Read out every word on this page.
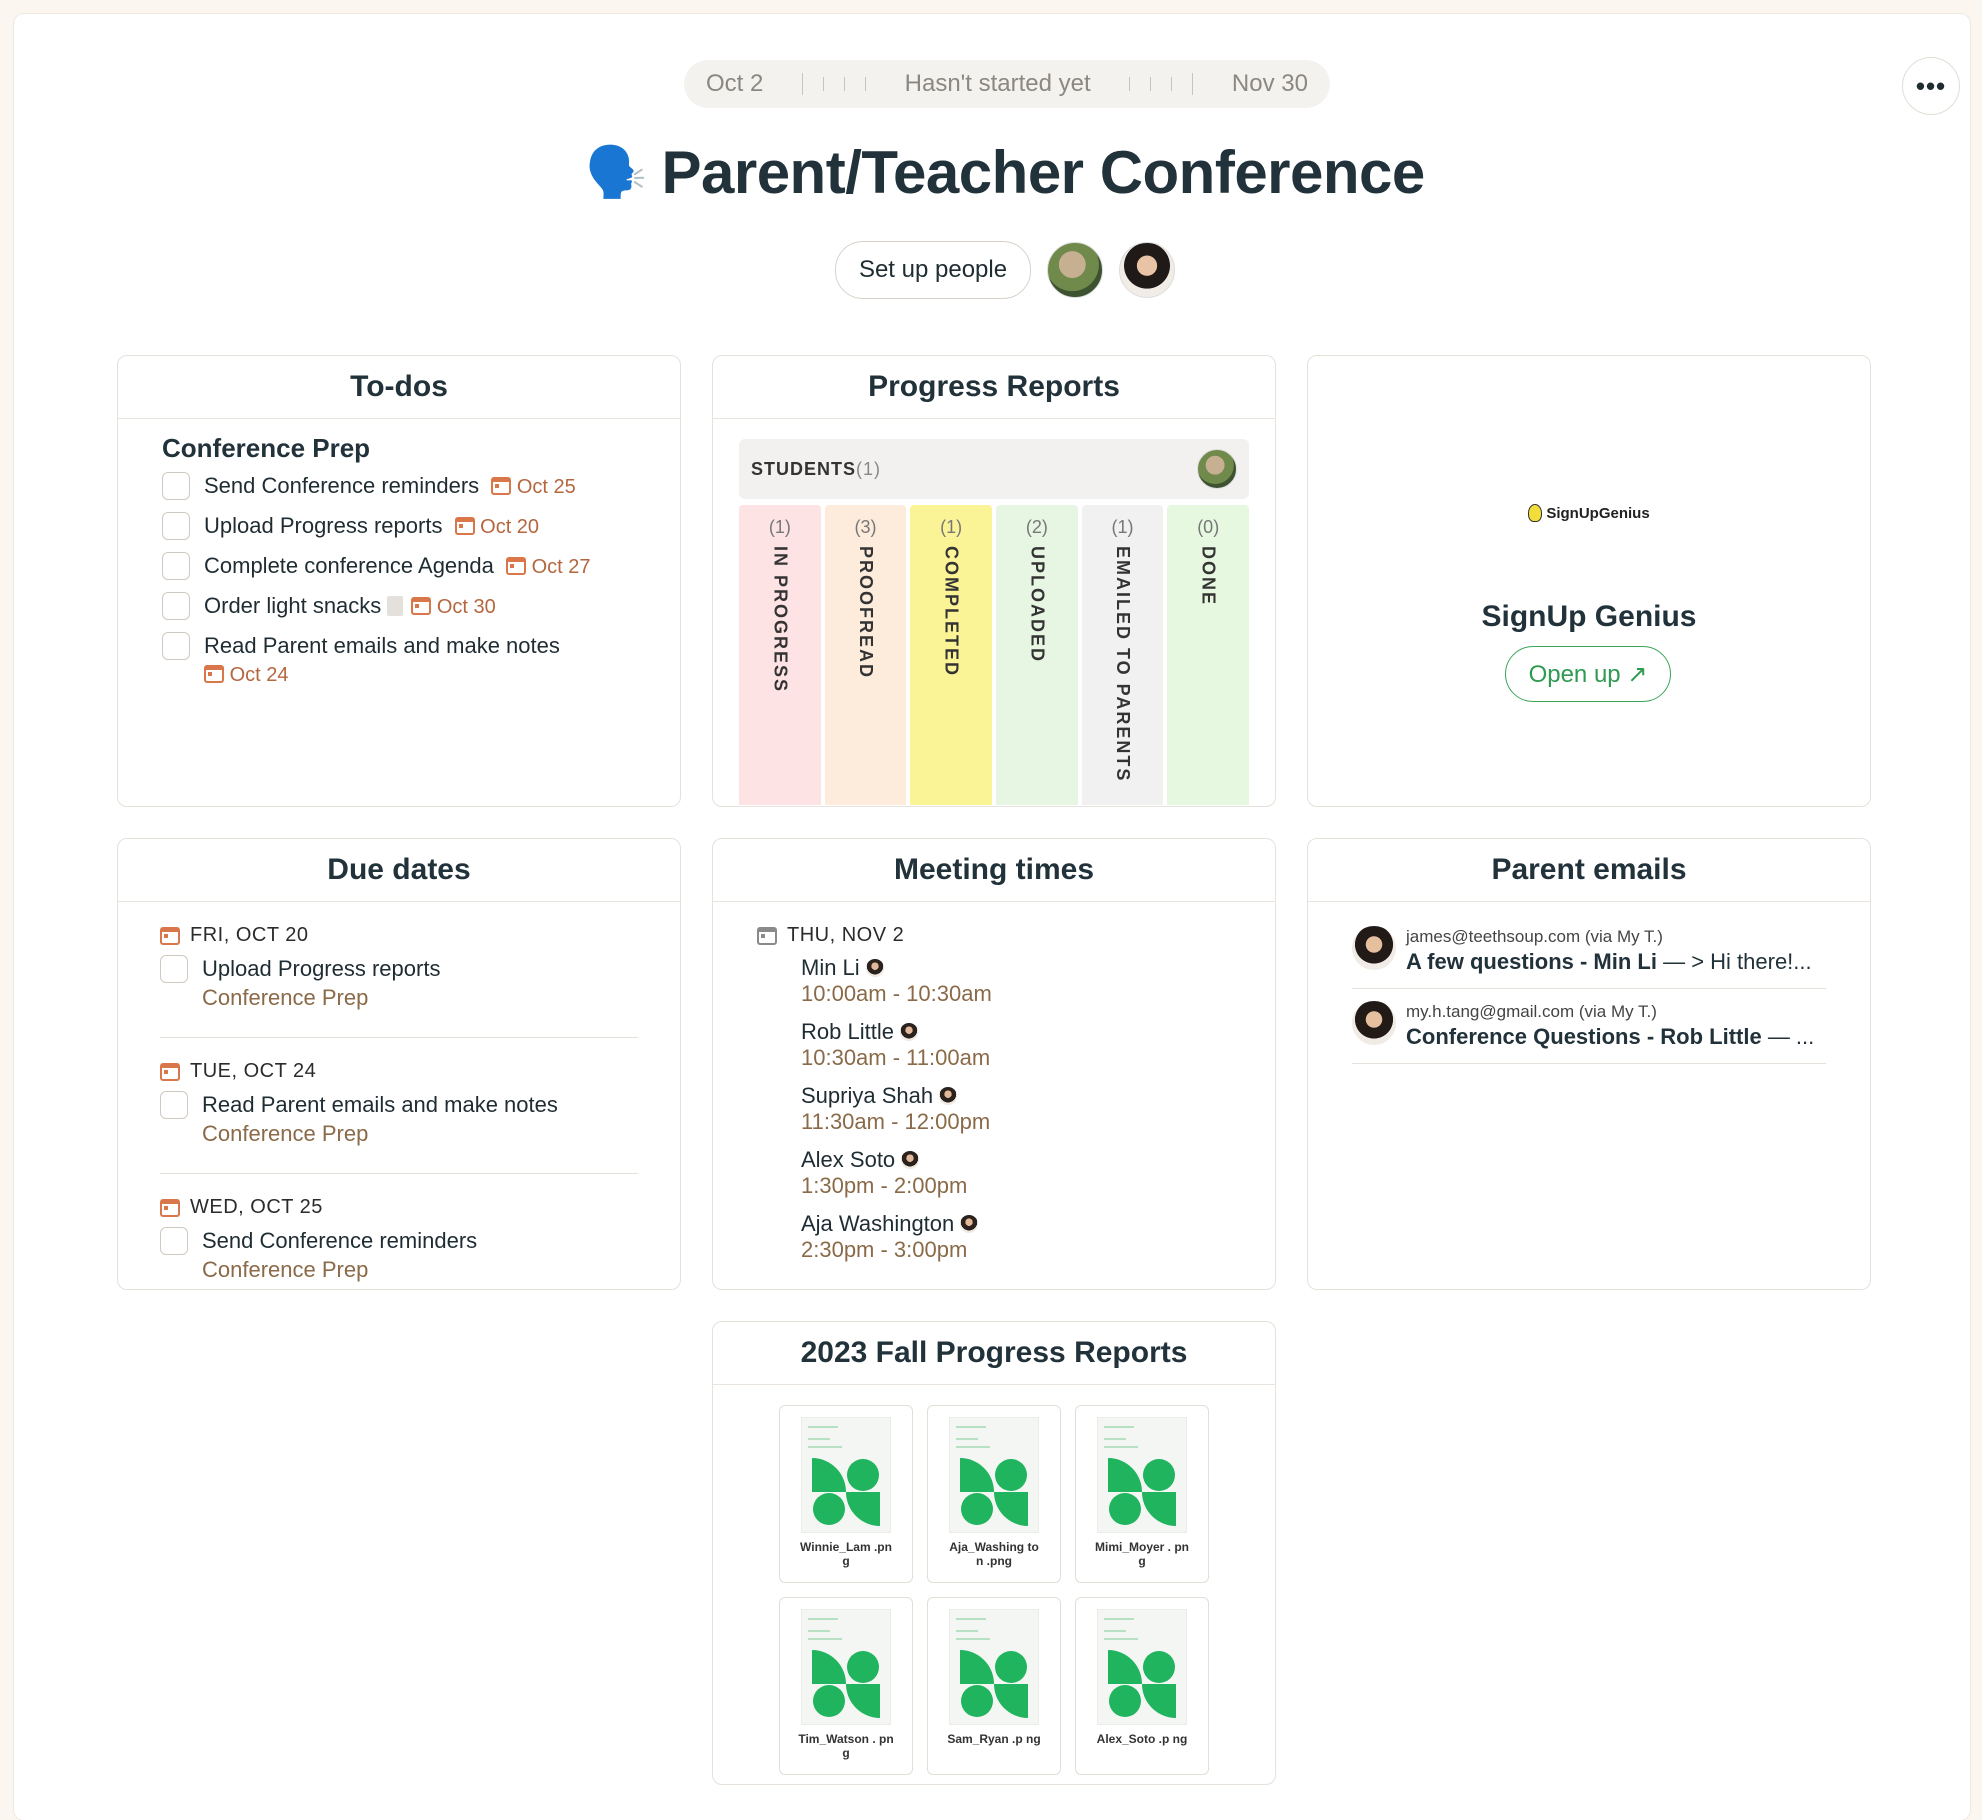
Oct 2	Hasn't started yet	Nov 30	•••
🗣️ Parent/Teacher Conference
Set up people
To-dos
Conference Prep
Send Conference reminders Oct 25
Upload Progress reports Oct 20
Complete conference Agenda Oct 27
Order light snacks	Oct 30
Read Parent emails and make notes
Oct 24
Progress Reports
STUDENTS(1)
(1)
IN PROGRESS
(3)
PROOFREAD
(1)
COMPLETED
(2)
UPLOADED
(1)
EMAILED TO PARENTS
(0)
DONE
SignUpGenius
SignUp Genius
Open up ↗
Due dates
FRI, OCT 20
Upload Progress reports
Conference Prep
TUE, OCT 24
Read Parent emails and make notes
Conference Prep
WED, OCT 25
Send Conference reminders
Conference Prep
Meeting times
THU, NOV 2
Min Li
10:00am - 10:30am
Rob Little
10:30am - 11:00am
Supriya Shah
11:30am - 12:00pm
Alex Soto
1:30pm - 2:00pm
Aja Washington
2:30pm - 3:00pm
Parent emails
james@teethsoup.com (via My T.)
A few questions - Min Li — > Hi there!...
my.h.tang@gmail.com (via My T.)
Conference Questions - Rob Little — ...
2023 Fall Progress Reports
Winnie_Lam .png
Aja_Washing ton .png
Mimi_Moyer . png
Tim_Watson . png
Sam_Ryan .p ng	Alex_Soto .p ng
